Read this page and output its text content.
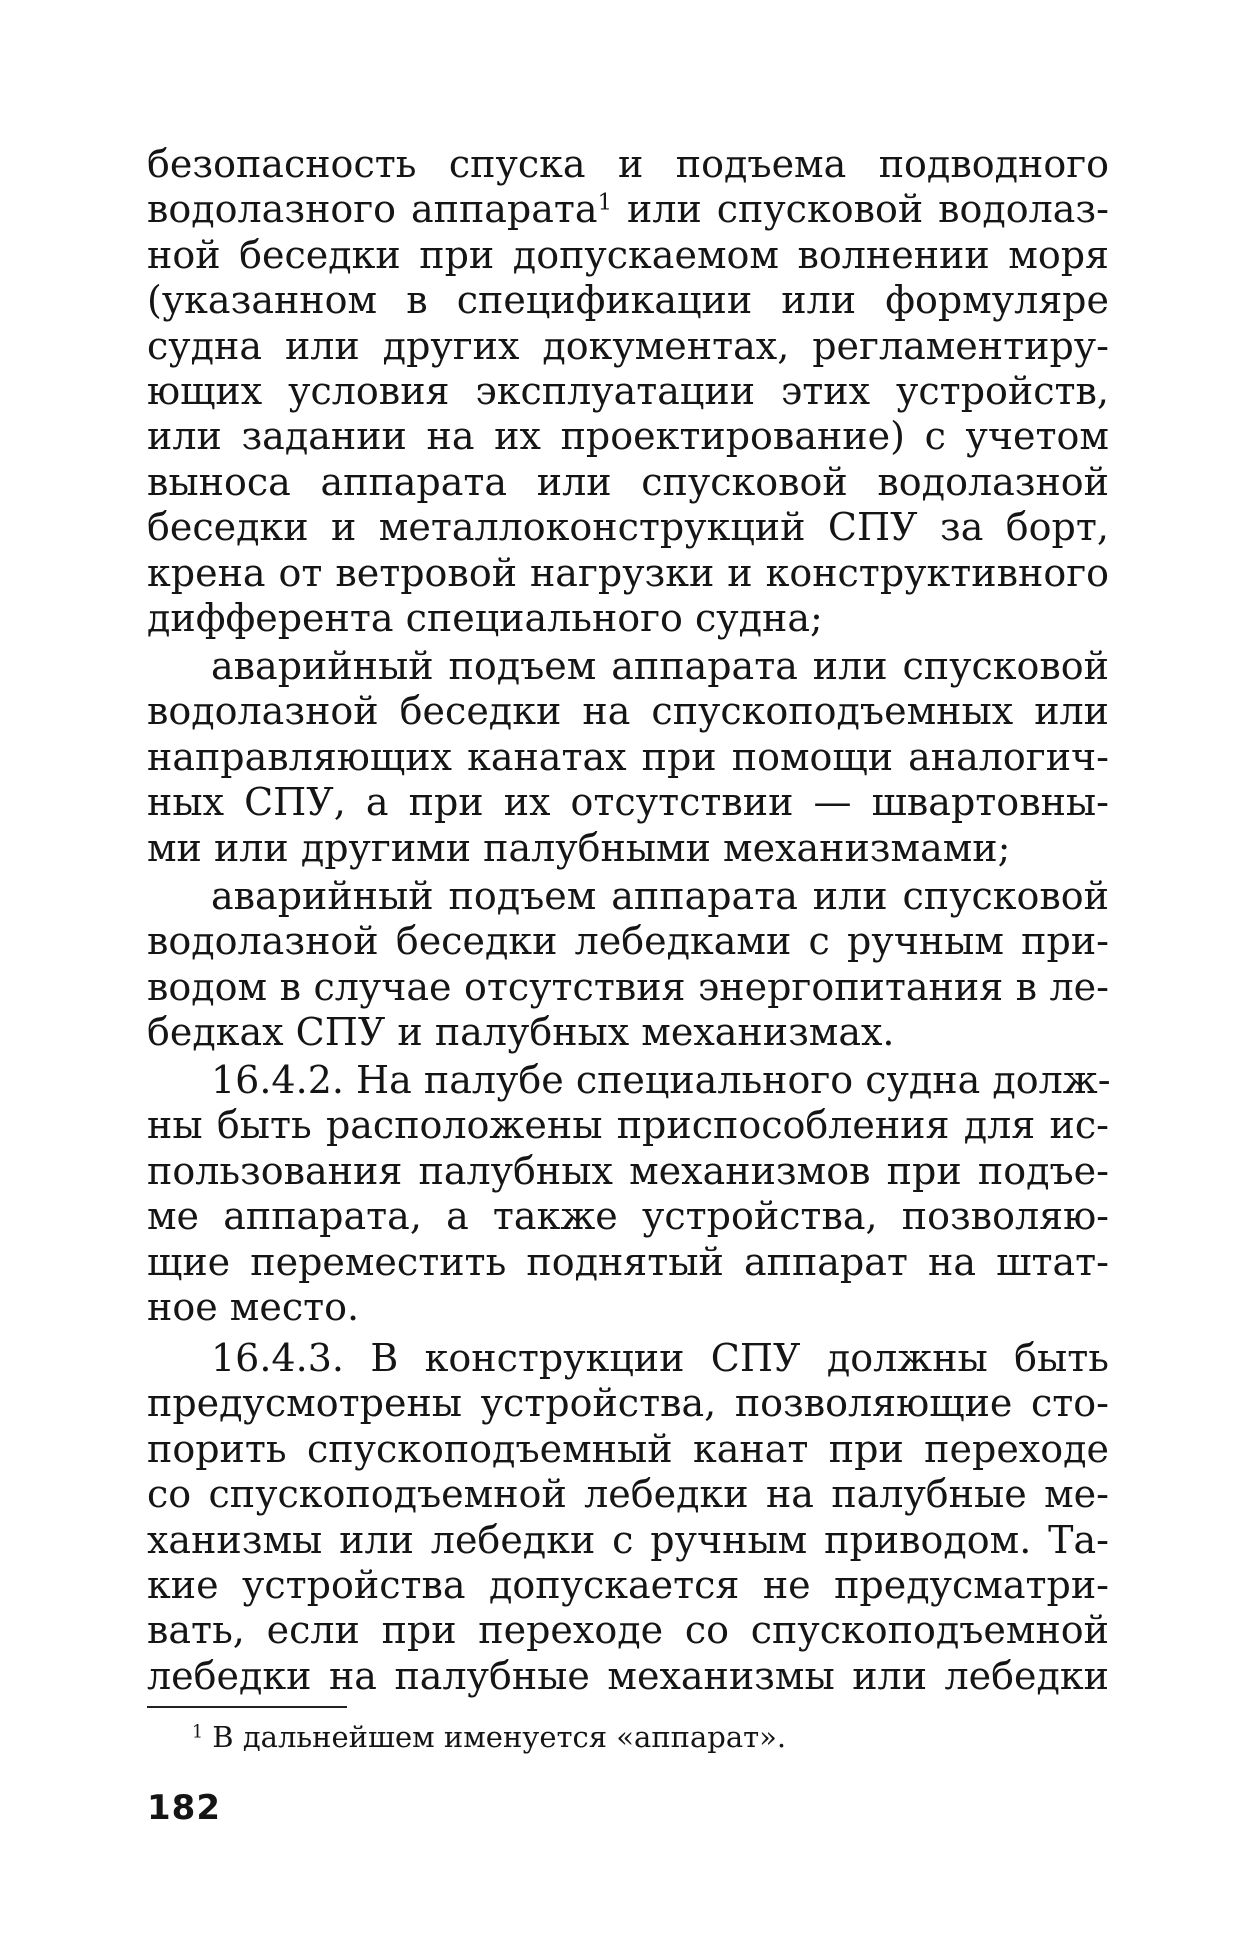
безопасность спуска и подъема подводного
водолазного аппарата$^1$ или спусковой водолаз-
ной беседки при допускаемом волнении моря
(указанном в спецификации или формуляре
судна или других документах, регламентиру-
ющих условия эксплуатации этих устройств,
или задании на их проектирование) с учетом
выноса аппарата или спусковой водолазной
беседки и металлоконструкций СПУ за борт,
крена от ветровой нагрузки и конструктивного
дифферента специального судна;
аварийный подъем аппарата или спусковой
водолазной беседки на спускоподъемных или
направляющих канатах при помощи аналогич-
ных СПУ, а при их отсутствии — швартовны-
ми или другими палубными механизмами;
аварийный подъем аппарата или спусковой
водолазной беседки лебедками с ручным при-
водом в случае отсутствия энергопитания в ле-
бедках СПУ и палубных механизмах.
16.4.2. На палубе специального судна долж-
ны быть расположены приспособления для ис-
пользования палубных механизмов при подъе-
ме аппарата, а также устройства, позволяю-
щие переместить поднятый аппарат на штат-
ное место.
16.4.3. В конструкции СПУ должны быть
предусмотрены устройства, позволяющие сто-
порить спускоподъемный канат при переходе
со спускоподъемной лебедки на палубные ме-
ханизмы или лебедки с ручным приводом. Та-
кие устройства допускается не предусматри-
вать, если при переходе со спускоподъемной
лебедки на палубные механизмы или лебедки
$^1$ В дальнейшем именуется «аппарат».
182
